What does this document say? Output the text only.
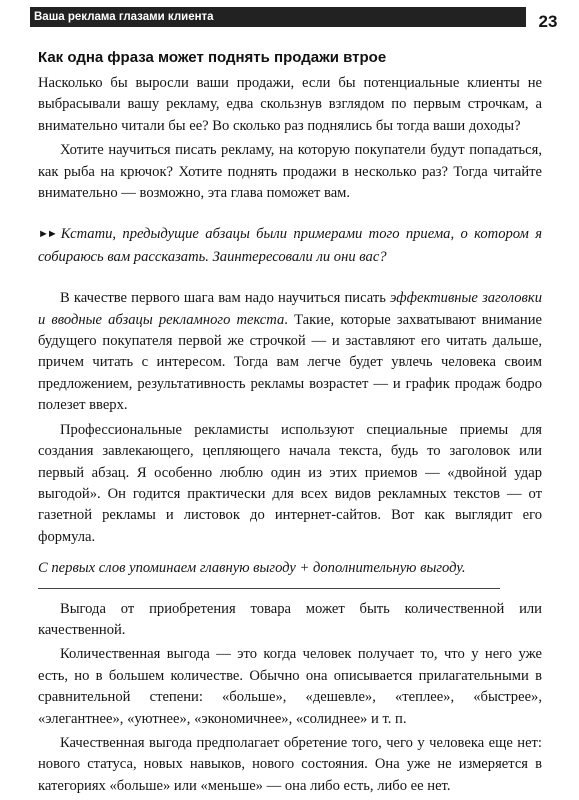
Ваша реклама глазами клиента	23
Как одна фраза может поднять продажи втрое

Насколько бы выросли ваши продажи, если бы потенциальные клиенты не выбрасывали вашу рекламу, едва скользнув взглядом по первым строчкам, а внимательно читали бы ее? Во сколько раз поднялись бы тогда ваши доходы?

Хотите научиться писать рекламу, на которую покупатели будут попадаться, как рыба на крючок? Хотите поднять продажи в несколько раз? Тогда читайте внимательно — возможно, эта глава поможет вам.

►► Кстати, предыдущие абзацы были примерами того приема, о котором я собираюсь вам рассказать. Заинтересовали ли они вас?

В качестве первого шага вам надо научиться писать эффективные заголовки и вводные абзацы рекламного текста. Такие, которые захватывают внимание будущего покупателя первой же строчкой — и заставляют его читать дальше, причем читать с интересом. Тогда вам легче будет увлечь человека своим предложением, результативность рекламы возрастет — и график продаж бодро полезет вверх.

Профессиональные рекламисты используют специальные приемы для создания завлекающего, цепляющего начала текста, будь то заголовок или первый абзац. Я особенно люблю один из этих приемов — «двойной удар выгодой». Он годится практически для всех видов рекламных текстов — от газетной рекламы и листовок до интернет-сайтов. Вот как выглядит его формула.

С первых слов упоминаем главную выгоду + дополнительную выгоду.

Выгода от приобретения товара может быть количественной или качественной.

Количественная выгода — это когда человек получает то, что у него уже есть, но в большем количестве. Обычно она описывается прилагательными в сравнительной степени: «больше», «дешевле», «теплее», «быстрее», «элегантнее», «уютнее», «экономичнее», «солиднее» и т. п.

Качественная выгода предполагает обретение того, чего у человека еще нет: нового статуса, новых навыков, нового состояния. Она уже не измеряется в категориях «больше» или «меньше» — она либо есть, либо ее нет.
